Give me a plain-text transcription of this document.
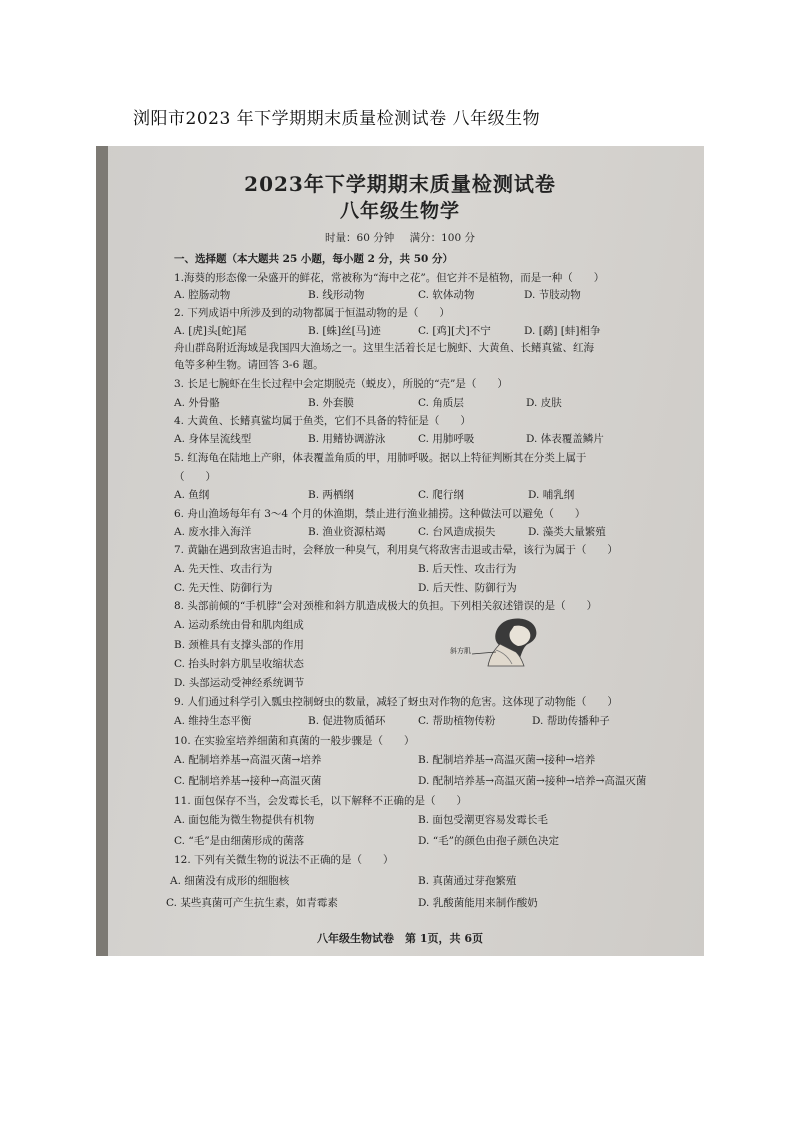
浏阳市2023 年下学期期末质量检测试卷 八年级生物
2023年下学期期末质量检测试卷
八年级生物学
时量：60 分钟 满分：100 分
一、选择题（本大题共 25 小题，每小题 2 分，共 50 分）
1.海葵的形态像一朵盛开的鲜花，常被称为“海中之花”。但它并不是植物，而是一种（　　）
A. 腔肠动物	B. 线形动物	C. 软体动物	D. 节肢动物
2. 下列成语中所涉及到的动物都属于恒温动物的是（　　）
A. [虎]头[蛇]尾	B. [蛛]丝[马]迹	C. [鸡][犬]不宁	D. [鹬] [蚌]相争
舟山群岛附近海域是我国四大渔场之一。这里生活着长足七腕虾、大黄鱼、长鳍真鲨、红海
龟等多种生物。请回答 3-6 题。
3. 长足七腕虾在生长过程中会定期脱壳（蜕皮），所脱的“壳”是（　　）
A. 外骨骼	B. 外套膜	C. 角质层	D. 皮肤
4. 大黄鱼、长鳍真鲨均属于鱼类，它们不具备的特征是（　　）
A. 身体呈流线型	B. 用鳍协调游泳	C. 用肺呼吸	D. 体表覆盖鳞片
5. 红海龟在陆地上产卵，体表覆盖角质的甲，用肺呼吸。据以上特征判断其在分类上属于
（　　）
A. 鱼纲	B. 两栖纲	C. 爬行纲	D. 哺乳纲
6. 舟山渔场每年有 3～4 个月的休渔期，禁止进行渔业捕捞。这种做法可以避免（　　）
A. 废水排入海洋	B. 渔业资源枯竭	C. 台风造成损失	D. 藻类大量繁殖
7. 黄鼬在遇到敌害追击时，会释放一种臭气，利用臭气将敌害击退或击晕，该行为属于（　　）
A. 先天性、攻击行为	B. 后天性、攻击行为
C. 先天性、防御行为	D. 后天性、防御行为
8. 头部前倾的“手机脖”会对颈椎和斜方肌造成极大的负担。下列相关叙述错误的是（　　）
A. 运动系统由骨和肌肉组成
B. 颈椎具有支撑头部的作用
C. 抬头时斜方肌呈收缩状态
D. 头部运动受神经系统调节
斜方肌
9. 人们通过科学引入瓢虫控制蚜虫的数量，减轻了蚜虫对作物的危害。这体现了动物能（　　）
A. 维持生态平衡	B. 促进物质循环	C. 帮助植物传粉	D. 帮助传播种子
10. 在实验室培养细菌和真菌的一般步骤是（　　）
A. 配制培养基→高温灭菌→培养	B. 配制培养基→高温灭菌→接种→培养
C. 配制培养基→接种→高温灭菌	D. 配制培养基→高温灭菌→接种→培养→高温灭菌
11. 面包保存不当，会发霉长毛，以下解释不正确的是（　　）
A. 面包能为微生物提供有机物	B. 面包受潮更容易发霉长毛
C. “毛”是由细菌形成的菌落	D. “毛”的颜色由孢子颜色决定
12. 下列有关微生物的说法不正确的是（　　）
A. 细菌没有成形的细胞核	B. 真菌通过芽孢繁殖
C. 某些真菌可产生抗生素，如青霉素	D. 乳酸菌能用来制作酸奶
八年级生物试卷　第 1页，共 6页
